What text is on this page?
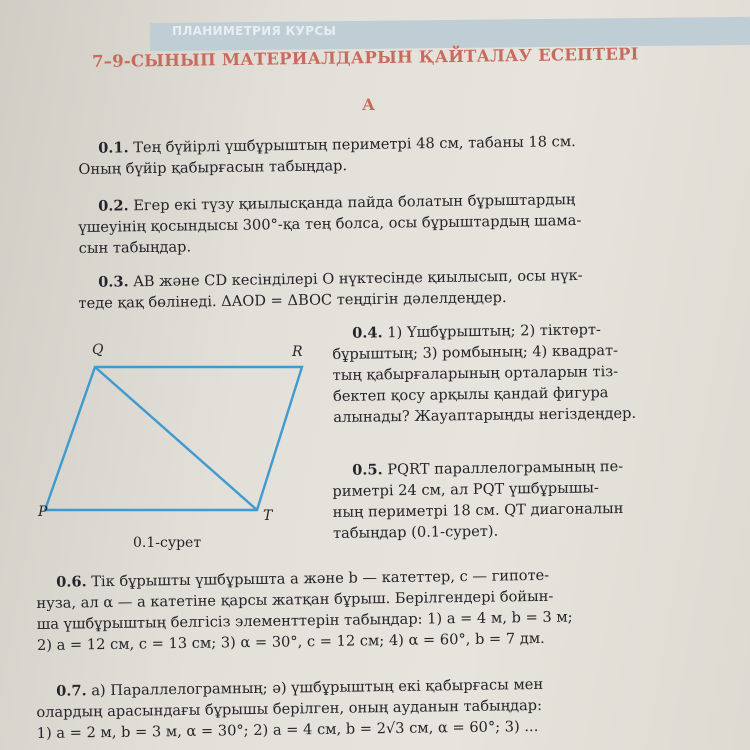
ПЛАНИМЕТРИЯ КУРСЫ
7–9-СЫНЫП МАТЕРИАЛДАРЫН ҚАЙТАЛАУ ЕСЕПТЕРІ
А
0.1. Тең бүйірлі үшбұрыштың периметрі 48 см, табаны 18 см.
Оның бүйір қабырғасын табыңдар.
0.2. Егер екі түзу қиылысқанда пайда болатын бұрыштардың
үшеуінің қосындысы 300°-қа тең болса, осы бұрыштардың шама-
сын табыңдар.
0.3. AB және CD кесінділері O нүктесінде қиылысып, осы нүк-
теде қақ бөлінеді. ΔAOD = ΔBOC теңдігін дәлелдеңдер.
Q	R
P	T
0.1-сурет
0.4. 1) Үшбұрыштың; 2) тіктөрт-
бұрыштың; 3) ромбының; 4) квадрат-
тың қабырғаларының орталарын тіз-
бектеп қосу арқылы қандай фигура
алынады? Жауаптарыңды негіздеңдер.
0.5. PQRT параллелограмының пе-
риметрі 24 см, ал PQT үшбұрышы-
ның периметрі 18 см. QT диагоналын
табыңдар (0.1-сурет).
0.6. Тік бұрышты үшбұрышта a және b — катеттер, c — гипоте-
нуза, ал α — a катетіне қарсы жатқан бұрыш. Берілгендері бойын-
ша үшбұрыштың белгісіз элементтерін табыңдар: 1) a = 4 м, b = 3 м;
2) a = 12 см, c = 13 см; 3) α = 30°, c = 12 см; 4) α = 60°, b = 7 дм.
0.7. а) Параллелограмның; ә) үшбұрыштың екі қабырғасы мен
олардың арасындағы бұрышы берілген, оның ауданын табыңдар:
1) a = 2 м, b = 3 м, α = 30°; 2) a = 4 см, b = 2√3 см, α = 60°; 3) ...
